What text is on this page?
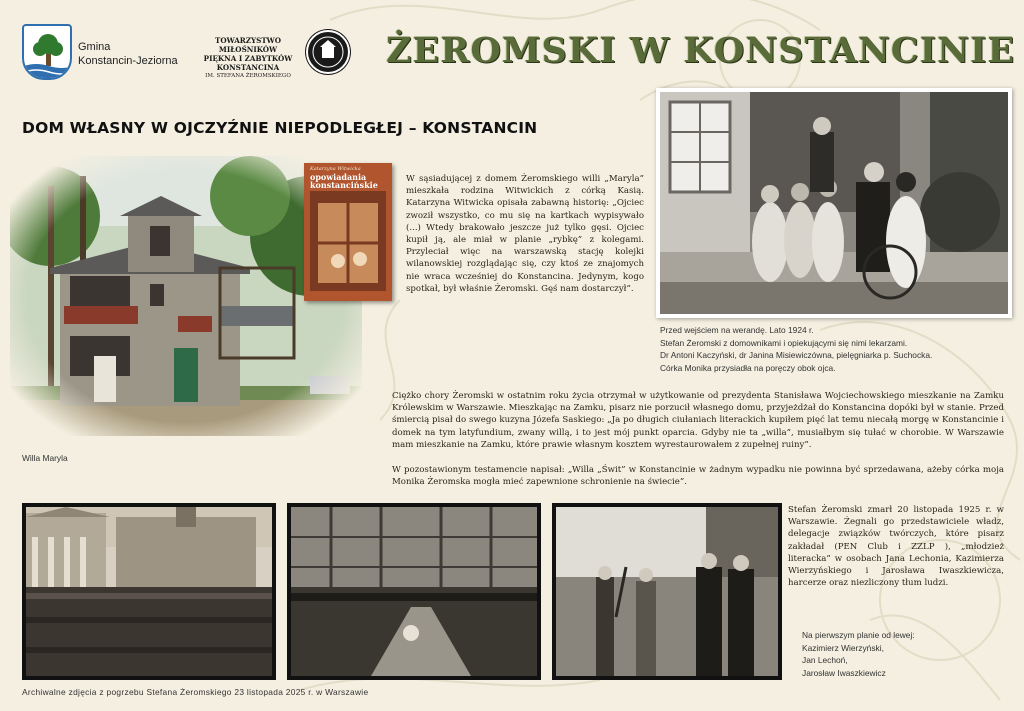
Gmina
Konstancin-Jeziorna
TOWARZYSTWO MIŁOŚNIKÓW
PIĘKNA I ZABYTKÓW
KONSTANCINA
IM. STEFANA ŻEROMSKIEGO
ŻEROMSKI W KONSTANCINIE
DOM WŁASNY W OJCZYŹNIE NIEPODLEGŁEJ – KONSTANCIN
Katarzyna Witwicka
opowiadania konstancińskie
Willa Maryla
W sąsiadującej z domem Żeromskiego willi „Maryla” mieszkała rodzina Witwickich z córką Kasią. Katarzyna Witwicka opisała zabawną historię: „Ojciec zwoził wszystko, co mu się na kartkach wypisywało (...) Wtedy brakowało jeszcze już tylko gęsi. Ojciec kupił ją, ale miał w planie „rybkę” z kolegami. Przyleciał więc na warszawską stację kolejki wilanowskiej rozglądając się, czy ktoś ze znajomych nie wraca wcześniej do Konstancina. Jedynym, kogo spotkał, był właśnie Żeromski. Gęś nam dostarczył”.
Przed wejściem na werandę. Lato 1924 r.
Stefan Żeromski z domownikami i opiekującymi się nimi lekarzami.
Dr Antoni Kaczyński, dr Janina Misiewiczówna, pielęgniarka p. Suchocka.
Córka Monika przysiadła na poręczy obok ojca.
Ciężko chory Żeromski w ostatnim roku życia otrzymał w użytkowanie od prezydenta Stanisława Wojciechowskiego mieszkanie na Zamku Królewskim w Warszawie. Mieszkając na Zamku, pisarz nie porzucił własnego domu, przyjeżdżał do Konstancina dopóki był w stanie. Przed śmiercią pisał do swego kuzyna Józefa Saskiego: „Ja po długich ciułaniach literackich kupiłem pięć lat temu niecałą morgę w Konstancinie i domek na tym latyfundium, zwany willą, i to jest mój punkt oparcia. Gdyby nie ta „willa”, musiałbym się tułać w chorobie. W Warszawie mam mieszkanie na Zamku, które prawie własnym kosztem wyrestaurowałem z zupełnej ruiny”.
W pozostawionym testamencie napisał: „Willa „Świt” w Konstancinie w żadnym wypadku nie powinna być sprzedawana, ażeby córka moja Monika Żeromska mogła mieć zapewnione schronienie na świecie”.
Archiwalne zdjęcia z pogrzebu Stefana Żeromskiego 23 listopada 2025 r. w Warszawie
Stefan Żeromski zmarł 20 listopada 1925 r. w Warszawie. Żegnali go przedstawiciele władz, delegacje związków twórczych, które pisarz zakładał (PEN Club i ZZLP ), „młodzież literacka” w osobach Jana Lechonia, Kazimierza Wierzyńskiego i Jarosława Iwaszkiewicza, harcerze oraz niezliczony tłum ludzi.
Na pierwszym planie od lewej:
Kazimierz Wierzyński,
Jan Lechoń,
Jarosław Iwaszkiewicz
